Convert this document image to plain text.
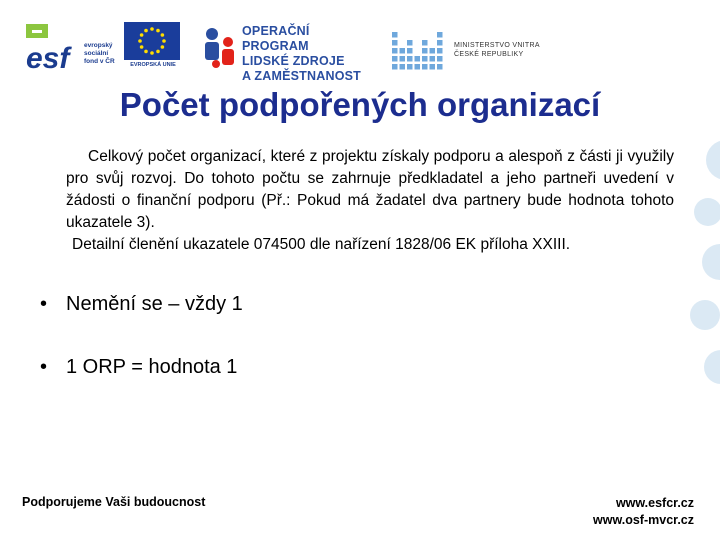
esf	evropský
sociální
fond v ČR	EVROPSKÁ UNIE
OPERAČNÍ PROGRAM
LIDSKÉ ZDROJE
A ZAMĚSTNANOST
MINISTERSTVO VNITRA
ČESKÉ REPUBLIKY
Počet podpořených organizací

Celkový počet organizací, které z projektu získaly podporu a alespoň z části ji využily pro svůj rozvoj. Do tohoto počtu se zahrnuje předkladatel a jeho partneři uvedení v žádosti o finanční podporu (Př.: Pokud má žadatel dva partnery bude hodnota tohoto ukazatele 3).

Detailní členění ukazatele 074500 dle nařízení 1828/06 EK příloha XXIII.

• Nemění se – vždy 1
• 1 ORP = hodnota 1
Podporujeme Vaši budoucnost	www.esfcr.cz
www.osf-mvcr.cz
